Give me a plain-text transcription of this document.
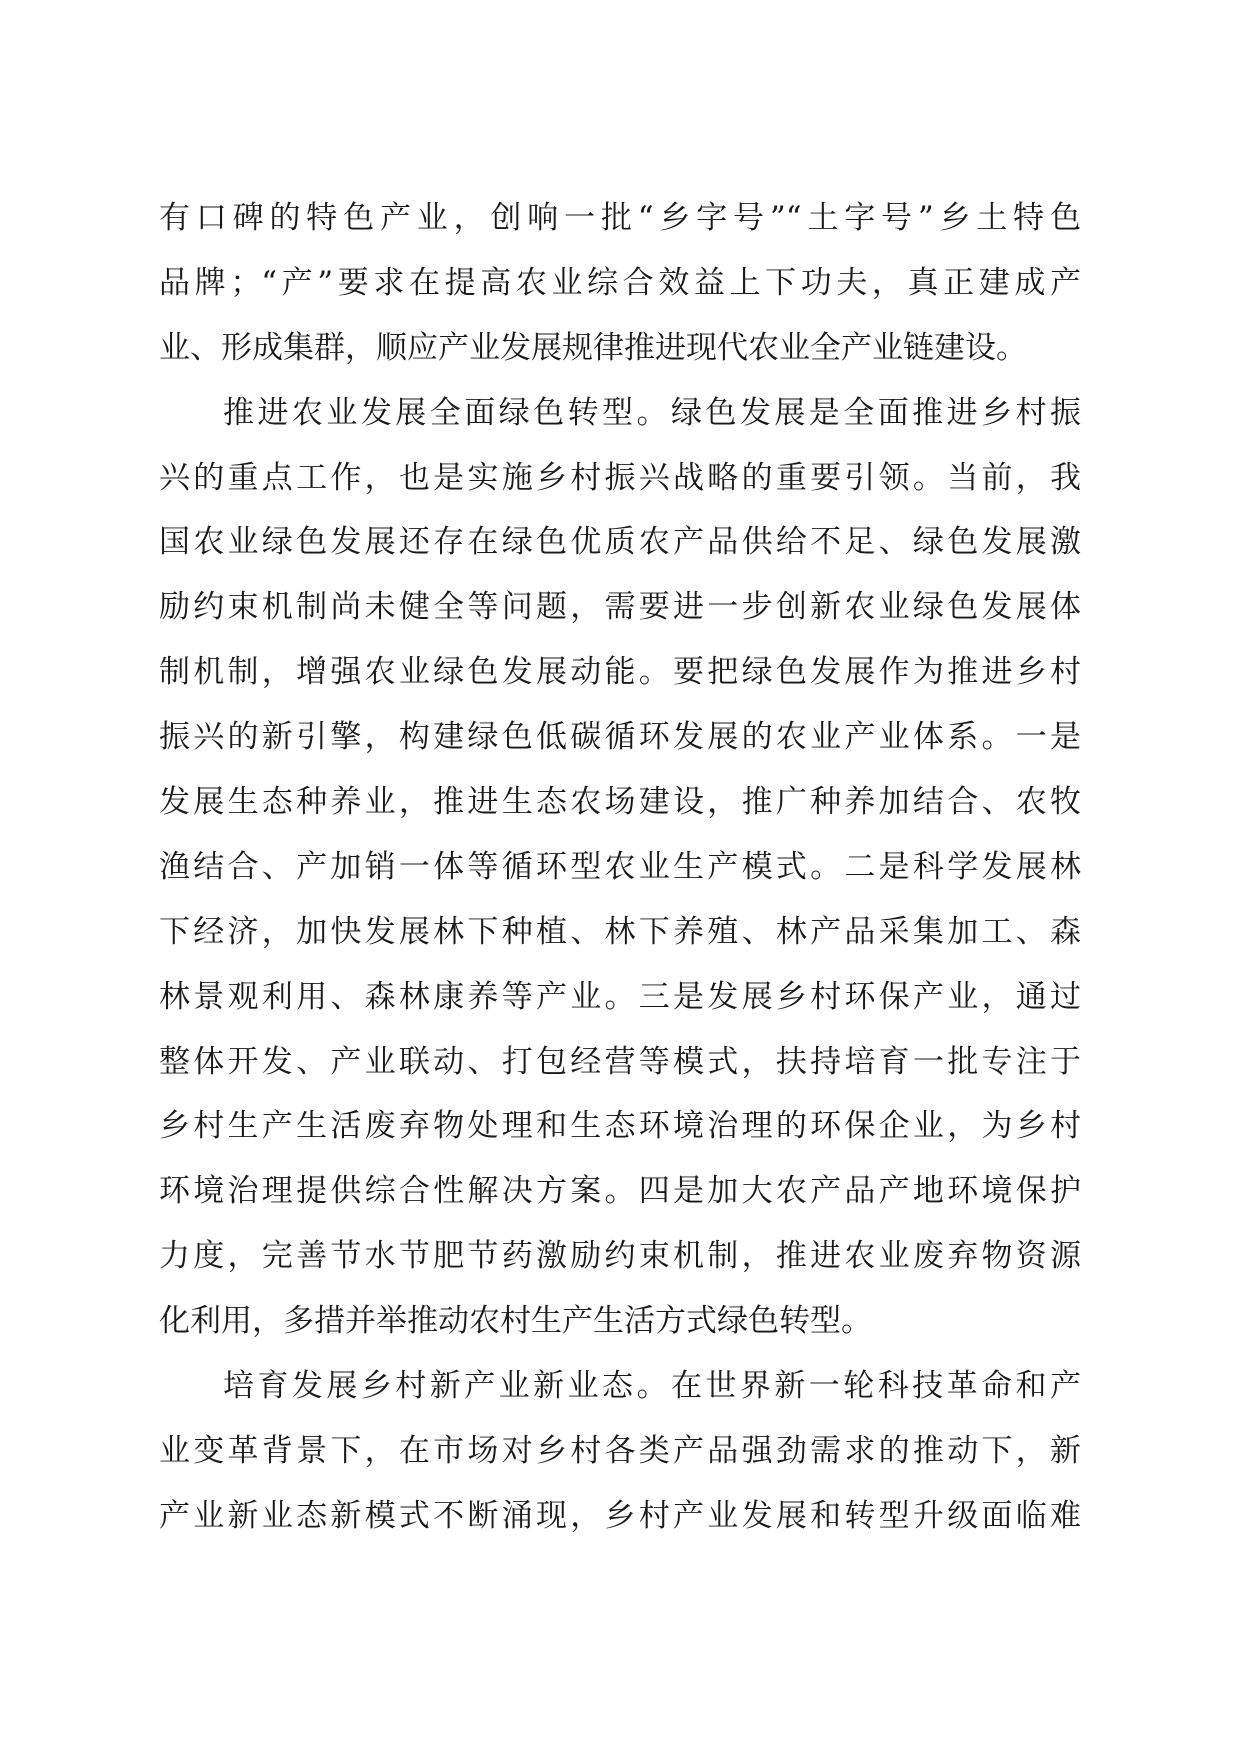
有口碑的特色产业，创响一批“乡字号”“土字号”乡土特色
品牌；“产”要求在提高农业综合效益上下功夫，真正建成产
业、形成集群，顺应产业发展规律推进现代农业全产业链建设。
推进农业发展全面绿色转型。绿色发展是全面推进乡村振
兴的重点工作，也是实施乡村振兴战略的重要引领。当前，我
国农业绿色发展还存在绿色优质农产品供给不足、绿色发展激
励约束机制尚未健全等问题，需要进一步创新农业绿色发展体
制机制，增强农业绿色发展动能。要把绿色发展作为推进乡村
振兴的新引擎，构建绿色低碳循环发展的农业产业体系。一是
发展生态种养业，推进生态农场建设，推广种养加结合、农牧
渔结合、产加销一体等循环型农业生产模式。二是科学发展林
下经济，加快发展林下种植、林下养殖、林产品采集加工、森
林景观利用、森林康养等产业。三是发展乡村环保产业，通过
整体开发、产业联动、打包经营等模式，扶持培育一批专注于
乡村生产生活废弃物处理和生态环境治理的环保企业，为乡村
环境治理提供综合性解决方案。四是加大农产品产地环境保护
力度，完善节水节肥节药激励约束机制，推进农业废弃物资源
化利用，多措并举推动农村生产生活方式绿色转型。
培育发展乡村新产业新业态。在世界新一轮科技革命和产
业变革背景下，在市场对乡村各类产品强劲需求的推动下，新
产业新业态新模式不断涌现，乡村产业发展和转型升级面临难
